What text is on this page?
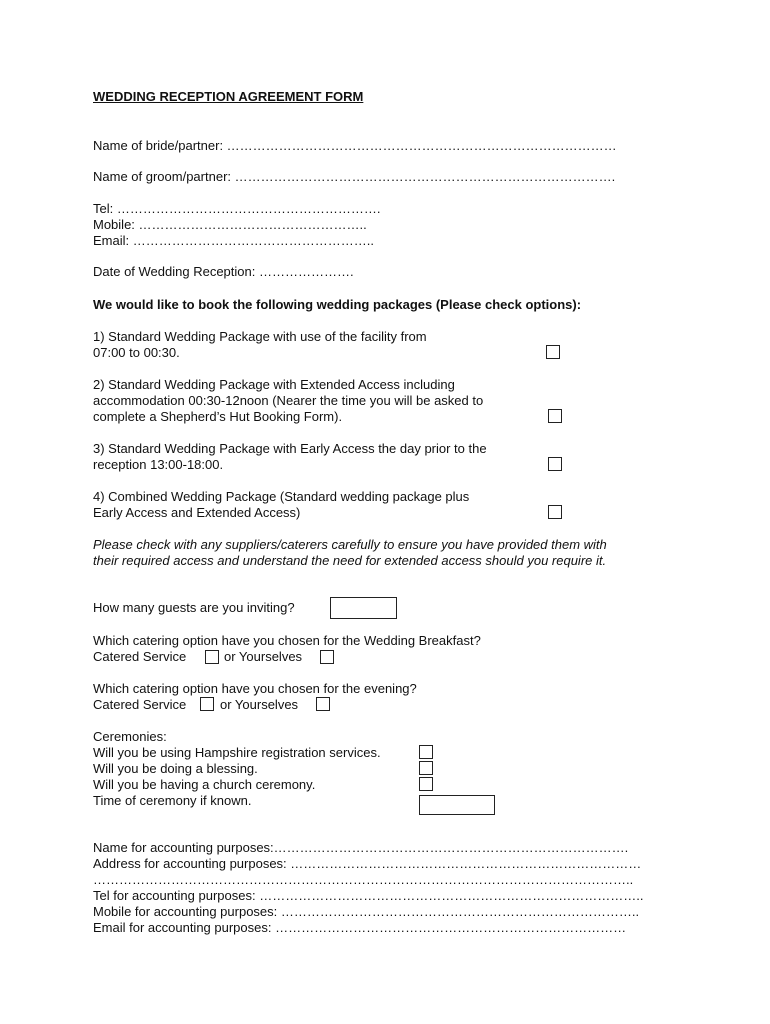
WEDDING RECEPTION AGREEMENT FORM
Name of bride/partner: ………………………………………………………………………………
Name of groom/partner: …………………………………………………………………………….
Tel: …………………………………………………….
Mobile: ……………………………………………..
Email: ………………………………………………..
Date of Wedding Reception: ………………….
We would like to book the following wedding packages (Please check options):
1) Standard Wedding Package with use of the facility from
07:00 to 00:30.
2) Standard Wedding Package with Extended Access including
accommodation 00:30-12noon (Nearer the time you will be asked to
complete a Shepherd’s Hut Booking Form).
3) Standard Wedding Package with Early Access the day prior to the
reception 13:00-18:00.
4) Combined Wedding Package (Standard wedding package plus
Early Access and Extended Access)
Please check with any suppliers/caterers carefully to ensure you have provided them with
their required access and understand the need for extended access should you require it.
How many guests are you inviting?
Which catering option have you chosen for the Wedding Breakfast?
Catered Service	or Yourselves
Which catering option have you chosen for the evening?
Catered Service	or Yourselves
Ceremonies:
Will you be using Hampshire registration services.
Will you be doing a blessing.
Will you be having a church ceremony.
Time of ceremony if known.
Name for accounting purposes:……………………………………………………………………….
Address for accounting purposes: ………………………………………………………………………
……………………………………………………………………………………………………………..
Tel for accounting purposes: ……………………………………………………………………………..
Mobile for accounting purposes: ………………………………………………………………………..
Email for accounting purposes: ………………………………………………………………………
